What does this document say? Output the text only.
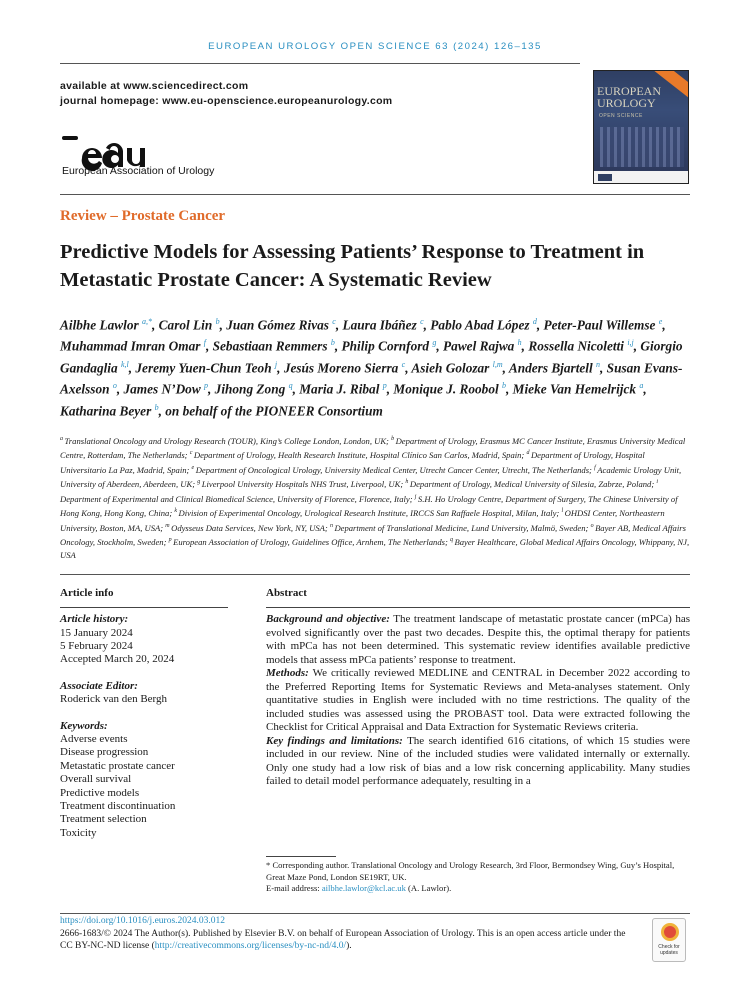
EUROPEAN UROLOGY OPEN SCIENCE 63 (2024) 126–135
available at www.sciencedirect.com
journal homepage: www.eu-openscience.europeanurology.com
European Association of Urology
EUROPEAN UROLOGY
OPEN SCIENCE
Review – Prostate Cancer
Predictive Models for Assessing Patients’ Response to Treatment in Metastatic Prostate Cancer: A Systematic Review
Ailbhe Lawlor $^{a,*}$, Carol Lin $^b$, Juan Gómez Rivas $^c$, Laura Ibáñez $^c$, Pablo Abad López $^d$, Peter-Paul Willemse $^e$, Muhammad Imran Omar $^f$, Sebastiaan Remmers $^b$, Philip Cornford $^g$, Pawel Rajwa $^h$, Rossella Nicoletti $^{i,j}$, Giorgio Gandaglia $^{k,l}$, Jeremy Yuen-Chun Teoh $^j$, Jesús Moreno Sierra $^c$, Asieh Golozar $^{l,m}$, Anders Bjartell $^n$, Susan Evans-Axelsson $^o$, James N’Dow $^p$, Jihong Zong $^q$, Maria J. Ribal $^p$, Monique J. Roobol $^b$, Mieke Van Hemelrijck $^a$, Katharina Beyer $^b$, on behalf of the PIONEER Consortium
$^a$ Translational Oncology and Urology Research (TOUR), King’s College London, London, UK; $^b$ Department of Urology, Erasmus MC Cancer Institute, Erasmus University Medical Centre, Rotterdam, The Netherlands; $^c$ Department of Urology, Health Research Institute, Hospital Clínico San Carlos, Madrid, Spain; $^d$ Department of Urology, Hospital Universitario La Paz, Madrid, Spain; $^e$ Department of Oncological Urology, University Medical Center, Utrecht Cancer Center, Utrecht, The Netherlands; $^f$ Academic Urology Unit, University of Aberdeen, Aberdeen, UK; $^g$ Liverpool University Hospitals NHS Trust, Liverpool, UK; $^h$ Department of Urology, Medical University of Silesia, Zabrze, Poland; $^i$ Department of Experimental and Clinical Biomedical Science, University of Florence, Florence, Italy; $^j$ S.H. Ho Urology Centre, Department of Surgery, The Chinese University of Hong Kong, Hong Kong, China; $^k$ Division of Experimental Oncology, Urological Research Institute, IRCCS San Raffaele Hospital, Milan, Italy; $^l$ OHDSI Center, Northeastern University, Boston, MA, USA; $^m$ Odysseus Data Services, New York, NY, USA; $^n$ Department of Translational Medicine, Lund University, Malmö, Sweden; $^o$ Bayer AB, Medical Affairs Oncology, Stockholm, Sweden; $^p$ European Association of Urology, Guidelines Office, Arnhem, The Netherlands; $^q$ Bayer Healthcare, Global Medical Affairs Oncology, Whippany, NJ, USA
Article info
Article history:
15 January 2024
5 February 2024
Accepted March 20, 2024
Associate Editor:
Roderick van den Bergh
Keywords:
Adverse events
Disease progression
Metastatic prostate cancer
Overall survival
Predictive models
Treatment discontinuation
Treatment selection
Toxicity
Abstract
Background and objective: The treatment landscape of metastatic prostate cancer (mPCa) has evolved significantly over the past two decades. Despite this, the optimal therapy for patients with mPCa has not been determined. This systematic review identifies available predictive models that assess mPCa patients’ response to treatment.
Methods: We critically reviewed MEDLINE and CENTRAL in December 2022 according to the Preferred Reporting Items for Systematic Reviews and Meta-analyses statement. Only quantitative studies in English were included with no time restrictions. The quality of the included studies was assessed using the PROBAST tool. Data were extracted following the Checklist for Critical Appraisal and Data Extraction for Systematic Reviews criteria.
Key findings and limitations: The search identified 616 citations, of which 15 studies were included in our review. Nine of the included studies were validated internally or externally. Only one study had a low risk of bias and a low risk concerning applicability. Many studies failed to detail model performance adequately, resulting in a
* Corresponding author. Translational Oncology and Urology Research, 3rd Floor, Bermondsey Wing, Guy’s Hospital, Great Maze Pond, London SE19RT, UK.
E-mail address: ailbhe.lawlor@kcl.ac.uk (A. Lawlor).
https://doi.org/10.1016/j.euros.2024.03.012
2666-1683/© 2024 The Author(s). Published by Elsevier B.V. on behalf of European Association of Urology. This is an open access article under the CC BY-NC-ND license (http://creativecommons.org/licenses/by-nc-nd/4.0/).	Check for updates
